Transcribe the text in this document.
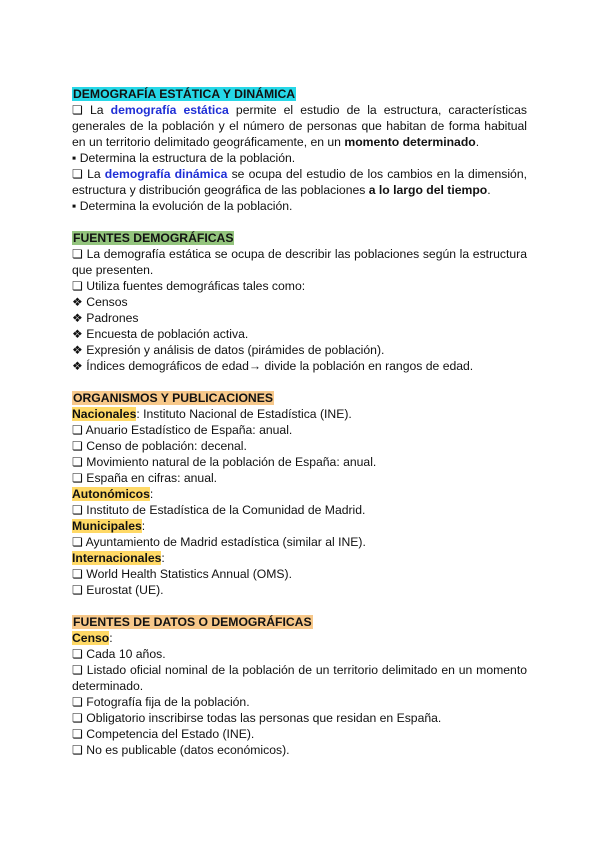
DEMOGRAFÍA ESTÁTICA Y DINÁMICA
❏ La demografía estática permite el estudio de la estructura, características generales de la población y el número de personas que habitan de forma habitual en un territorio delimitado geográficamente, en un momento determinado.
▪ Determina la estructura de la población.
❏ La demografía dinámica se ocupa del estudio de los cambios en la dimensión, estructura y distribución geográfica de las poblaciones a lo largo del tiempo.
▪ Determina la evolución de la población.
FUENTES DEMOGRÁFICAS
❏ La demografía estática se ocupa de describir las poblaciones según la estructura que presenten.
❏ Utiliza fuentes demográficas tales como:
❖ Censos
❖ Padrones
❖ Encuesta de población activa.
❖ Expresión y análisis de datos (pirámides de población).
❖ Índices demográficos de edad→ divide la población en rangos de edad.
ORGANISMOS Y PUBLICACIONES
Nacionales: Instituto Nacional de Estadística (INE).
❏ Anuario Estadístico de España: anual.
❏ Censo de población: decenal.
❏ Movimiento natural de la población de España: anual.
❏ España en cifras: anual.
Autonómicos:
❏ Instituto de Estadística de la Comunidad de Madrid.
Municipales:
❏ Ayuntamiento de Madrid estadística (similar al INE).
Internacionales:
❏ World Health Statistics Annual (OMS).
❏ Eurostat (UE).
FUENTES DE DATOS O DEMOGRÁFICAS
Censo:
❏ Cada 10 años.
❏ Listado oficial nominal de la población de un territorio delimitado en un momento determinado.
❏ Fotografía fija de la población.
❏ Obligatorio inscribirse todas las personas que residan en España.
❏ Competencia del Estado (INE).
❏ No es publicable (datos económicos).
